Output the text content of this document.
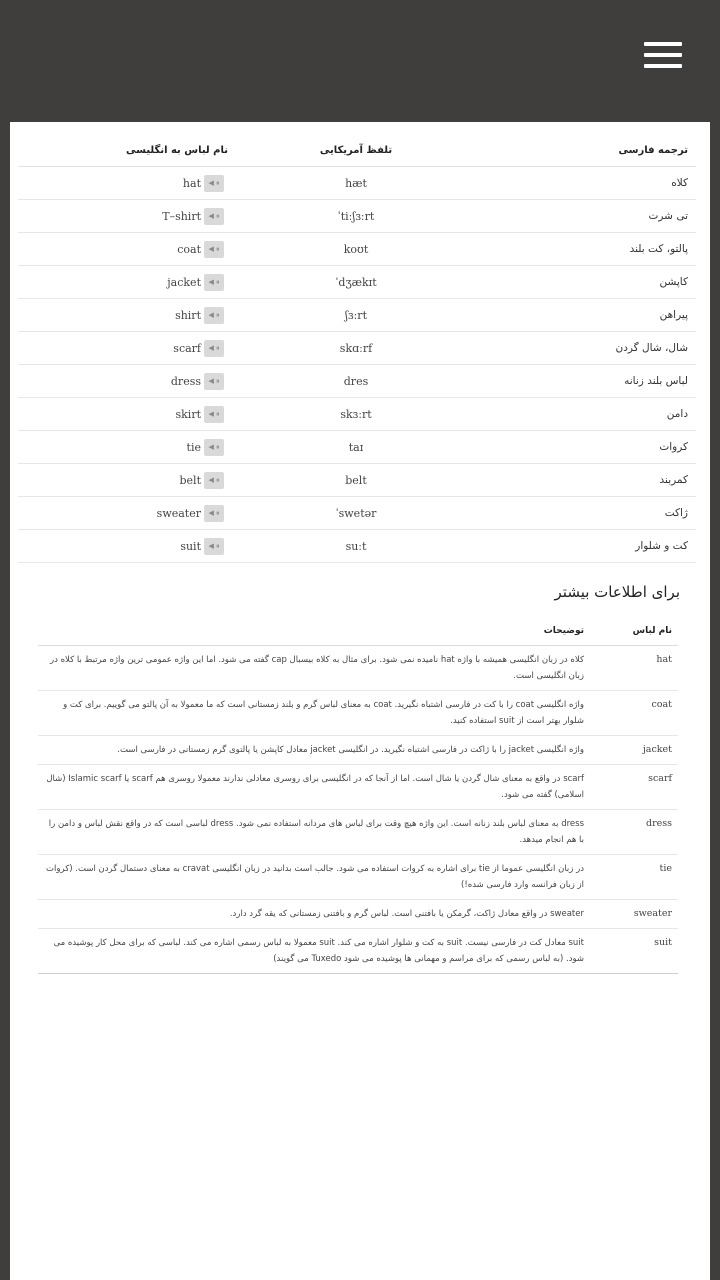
ترجمه فارسی	تلفظ آمریکایی	نام لباس به انگلیسی
کلاه	hæt	hat ◀ ⏸

تی شرت	ˈtiːʃɜːrt	T–shirt ◀ ⏸

پالتو، کت بلند	koʊt	coat ◀ ⏸

کاپشن	ˈdʒækɪt	jacket ◀ ⏸

پیراهن	ʃɜːrt	shirt ◀ ⏸

شال، شال گردن	skɑːrf	scarf ◀ ⏸

لباس بلند زنانه	dres	dress ◀ ⏸

دامن	skɜːrt	skirt ◀ ⏸

کروات	taɪ	tie ◀ ⏸

کمربند	belt	belt ◀ ⏸

ژاکت	ˈswetər	sweater ◀ ⏸

کت و شلوار	suːt	suit ◀ ⏸
برای اطلاعات بیشتر
نام لباس	توضیحات
hat	کلاه در زبان انگلیسی همیشه با واژه hat نامیده نمی شود. برای مثال به کلاه بیسبال cap گفته می شود. اما این واژه عمومی ترین واژه مرتبط با کلاه در زبان انگلیسی است.
coat	واژه انگلیسی coat را با کت در فارسی اشتباه نگیرید. coat به معنای لباس گرم و بلند زمستانی است که ما معمولا به آن پالتو می گوییم. برای کت و شلوار بهتر است از suit استفاده کنید.
jacket	واژه انگلیسی jacket را با ژاکت در فارسی اشتباه نگیرید. در انگلیسی jacket معادل کاپشن یا پالتوی گرم زمستانی در فارسی است.
scarf	scarf در واقع به معنای شال گردن یا شال است. اما از آنجا که در انگلیسی برای روسری معادلی ندارند معمولا روسری هم scarf یا Islamic scarf (شال اسلامی) گفته می شود.
dress	dress به معنای لباس بلند زنانه است. این واژه هیچ وقت برای لباس های مردانه استفاده نمی شود. dress لباسی است که در واقع نقش لباس و دامن را با هم انجام میدهد.
tie	در زبان انگلیسی عموما از tie برای اشاره به کروات استفاده می شود. جالب است بدانید در زبان انگلیسی cravat به معنای دستمال گردن است. (کروات از زبان فرانسه وارد فارسی شده!)
sweater	sweater در واقع معادل ژاکت، گرمکن یا بافتنی است. لباس گرم و بافتنی زمستانی که یقه گرد دارد.
suit	suit معادل کت در فارسی نیست. suit به کت و شلوار اشاره می کند. suit معمولا به لباس رسمی اشاره می کند. لباسی که برای محل کار پوشیده می شود. (به لباس رسمی که برای مراسم و مهمانی ها پوشیده می شود Tuxedo می گویند)
